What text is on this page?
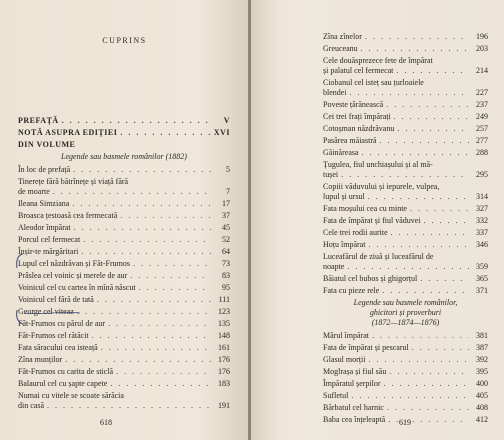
CUPRINS
PREFAȚĂ . . .	V
NOTĂ ASUPRA EDIȚIEI . . .	XVI
DIN VOLUME
Legende sau basmele românilor (1882)
În loc de prefață . . .	5
Tinerețe fără bătrînețe și viață fără
de moarte . . .	7
Ileana Simziana . . .	17
Broasca țestoasă cea fermecată . . .	37
Aleodor împărat . . .	45
Porcul cel fermecat . . .	52
Înșir-te mărgăritari . . .	64
Lupul cel năzdrăvan și Făt-Frumos . . .	73
Prâslea cel voinic și merele de aur . . .	83
Voinicul cel cu cartea în mînă născut . . .	95
Voinicul cel fără de tată . . .	111
George cel viteaz . . .	123
Făt-Frumos cu părul de aur . . .	135
Făt-Frumos cel rătăcit . . .	148
Fata săracului cea isteață . . .	161
Zîna munților . . .	176
Făt-Frumos cu carita de sticlă . . .	176
Balaurul cel cu șapte capete . . .	183
Numai cu vitele se scoate sărăcia
din casă . . .	191
618
Zîna zînelor . . .	196
Greuceanu . . .	203
Cele douăsprezece fete de împărat
și palatul cel fermecat . . .	214
Cioban​ul cel isteț sau țurloaiele
blendei . . .	227
Poveste țărănească . . .	237
Cei trei frați împărați . . .	249
Cotoșman năzdrăvanu . . .	257
Pasărea măiastră . . .	277
Găinăreasa . . .	288
Țugulea, fiul unchiașului și al mă-
tușei . . .	295
Copiii văduvului și iepurele, vulpea,
lupul și ursul . . .	314
Fata moșului cea cu minte . . .	327
Fata de împărat și fiul văduvei . . .	332
Cele trei rodii aurite . . .	337
Hoțu împărat . . .	346
Luceafărul de ziuă și luceafărul de
noapte . . .	359
Băiatul cel bubos și ghigorțul . . .	365
Fata cu pieze rele . . .	371
Legende sau basmele românilor,
ghicitori și proverburi
(1872—1874—1876)
Mărul împărat . . .	381
Fata de împărat și pescarul . . .	387
Glasul morții . . .	392
Moglrașa și fiul său . . .	395
Împăratul șerpilor . . .	400
Sufletul . . .	405
Bărbatul cel harnic . . .	408
Baba cea înțeleaptă . . .	412
619
